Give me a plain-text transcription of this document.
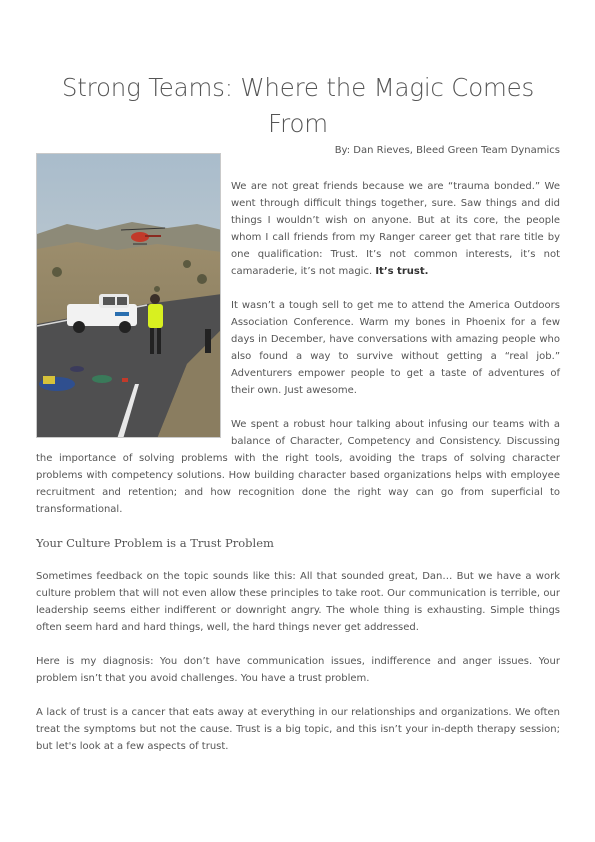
Strong Teams: Where the Magic Comes From

By: Dan Rieves, Bleed Green Team Dynamics

We are not great friends because we are “trauma bonded.” We went through difficult things together, sure. Saw things and did things I wouldn’t wish on anyone. But at its core, the people whom I call friends from my Ranger career get that rare title by one qualification: Trust. It’s not common interests, it’s not camaraderie, it’s not magic. It’s trust.

It wasn’t a tough sell to get me to attend the America Outdoors Association Conference. Warm my bones in Phoenix for a few days in December, have conversations with amazing people who also found a way to survive without getting a “real job.” Adventurers empower people to get a taste of adventures of their own. Just awesome.

We spent a robust hour talking about infusing our teams with a balance of Character, Competency and Consistency. Discussing the importance of solving problems with the right tools, avoiding the traps of solving character problems with competency solutions. How building character based organizations helps with employee recruitment and retention; and how recognition done the right way can go from superficial to transformational.

Your Culture Problem is a Trust Problem

Sometimes feedback on the topic sounds like this: All that sounded great, Dan… But we have a work culture problem that will not even allow these principles to take root. Our communication is terrible, our leadership seems either indifferent or downright angry. The whole thing is exhausting. Simple things often seem hard and hard things, well, the hard things never get addressed.

Here is my diagnosis: You don’t have communication issues, indifference and anger issues. Your problem isn’t that you avoid challenges. You have a trust problem.

A lack of trust is a cancer that eats away at everything in our relationships and organizations. We often treat the symptoms but not the cause. Trust is a big topic, and this isn’t your in-depth therapy session; but let's look at a few aspects of trust.
